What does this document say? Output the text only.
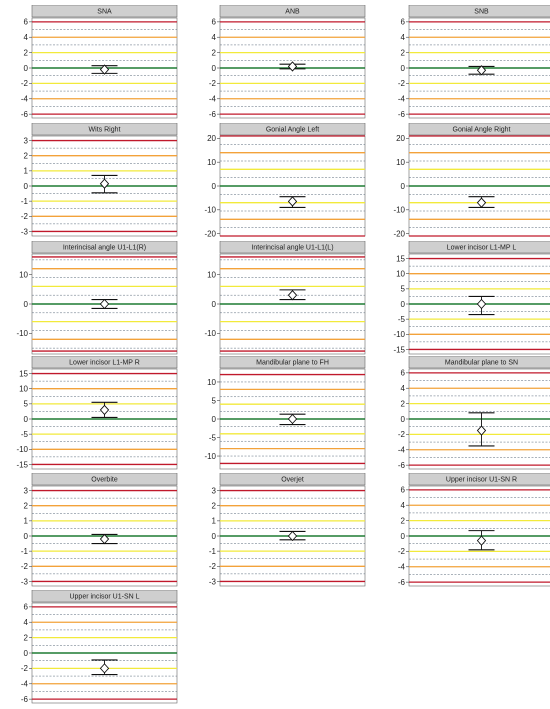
SNA
-6
-4
-2
0
2
4
6
ANB
-6
-4
-2
0
2
4
6
SNB
-6
-4
-2
0
2
4
6
Wits Right
-3
-2
-1
0
1
2
3
Gonial Angle Left
-20
-10
0
10
20
Gonial Angle Right
-20
-10
0
10
20
Interincisal angle U1-L1(R)
-10
0
10
Interincisal angle U1-L1(L)
-10
0
10
Lower incisor L1-MP L
-15
-10
-5
0
5
10
15
Lower incisor L1-MP R
-15
-10
-5
0
5
10
15
Mandibular plane to FH
-10
-5
0
5
10
Mandibular plane to SN
-6
-4
-2
0
2
4
6
Overbite
-3
-2
-1
0
1
2
3
Overjet
-3
-2
-1
0
1
2
3
Upper incisor U1-SN R
-6
-4
-2
0
2
4
6
Upper incisor U1-SN L
-6
-4
-2
0
2
4
6
